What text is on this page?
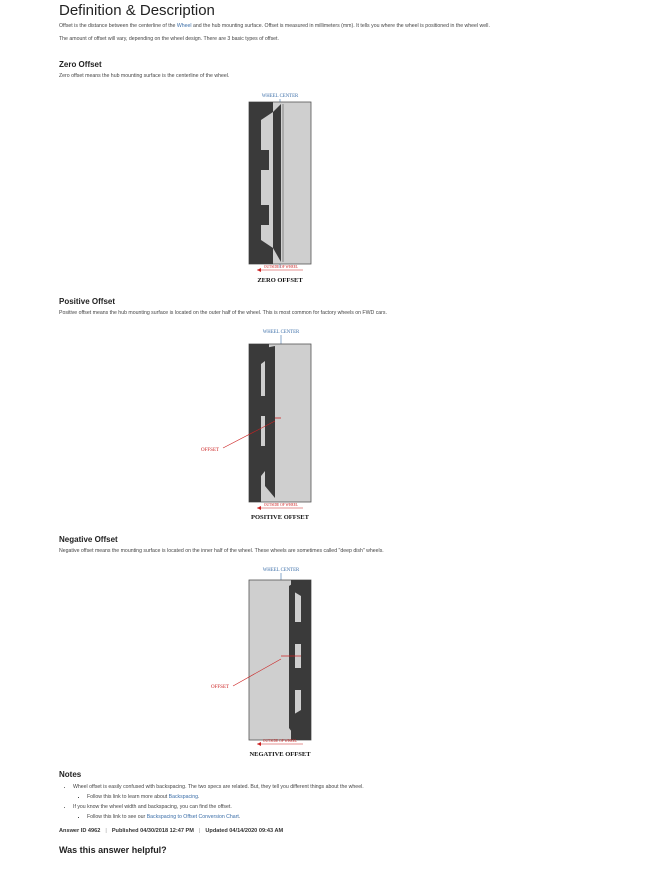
Definition & Description

Offset is the distance between the centerline of the Wheel and the hub mounting surface. Offset is measured in millimeters (mm). It tells you where the wheel is positioned in the wheel well.

The amount of offset will vary, depending on the wheel design. There are 3 basic types of offset.

Zero Offset

Zero offset means the hub mounting surface is the centerline of the wheel.

WHEEL CENTER
OUTSIDE OF WHEEL
ZERO OFFSET
Positive Offset

Positive offset means the hub mounting surface is located on the outer half of the wheel. This is most common for factory wheels on FWD cars.

WHEEL CENTER
OFFSET
OUTSIDE OF WHEEL
POSITIVE OFFSET
Negative Offset

Negative offset means the mounting surface is located on the inner half of the wheel. These wheels are sometimes called "deep dish" wheels.

WHEEL CENTER
OFFSET
OUTSIDE OF WHEEL
NEGATIVE OFFSET
Notes
• Wheel offset is easily confused with backspacing. The two specs are related. But, they tell you different things about the wheel.
▪ Follow this link to learn more about Backspacing.
• If you know the wheel width and backspacing, you can find the offset.
▪ Follow this link to see our Backspacing to Offset Conversion Chart.
Answer ID 4962 | Published 04/30/2018 12:47 PM | Updated 04/14/2020 09:43 AM
Was this answer helpful?
